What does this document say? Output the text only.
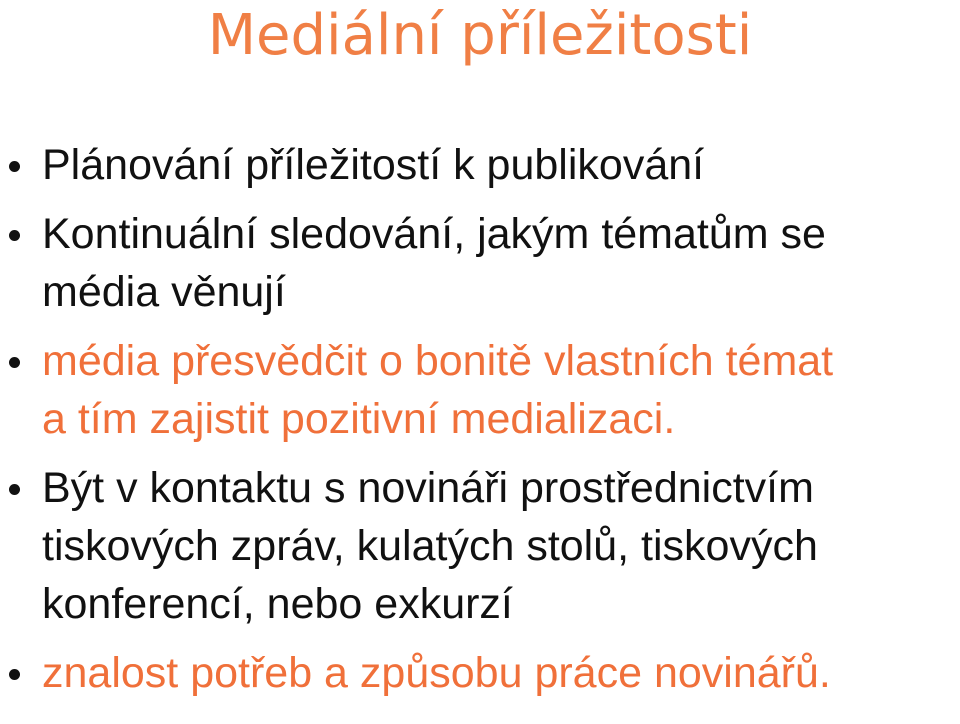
Mediální příležitosti
Plánování příležitostí k publikování
Kontinuální sledování, jakým tématům se
média věnují
média přesvědčit o bonitě vlastních témat
a tím zajistit pozitivní medializaci.
Být v kontaktu s novináři prostřednictvím
tiskových zpráv, kulatých stolů, tiskových
konferencí, nebo exkurzí
znalost potřeb a způsobu práce novinářů.
